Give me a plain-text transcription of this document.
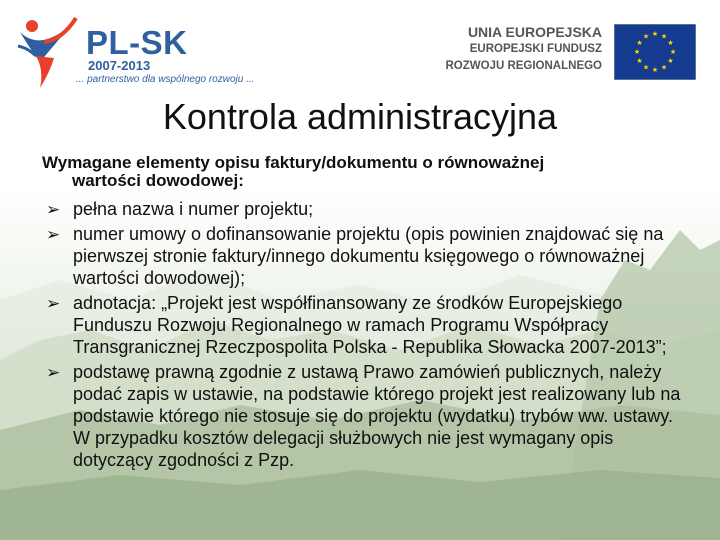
PL-SK
2007-2013
... partnerstwo dla wspólnego rozwoju ...
UNIA EUROPEJSKA
EUROPEJSKI FUNDUSZ
ROZWOJU REGIONALNEGO
★ ★
★
★
★
★
★
★
★
★
★
★
Kontrola administracyjna
Wymagane elementy opisu faktury/dokumentu o równoważnej
wartości dowodowej:
➢ pełna nazwa i numer projektu;
➢ numer umowy o dofinansowanie projektu (opis powinien znajdować się na pierwszej stronie faktury/innego dokumentu księgowego o równoważnej wartości dowodowej);
➢ adnotacja: „Projekt jest współfinansowany ze środków Europejskiego Funduszu Rozwoju Regionalnego w ramach Programu Współpracy Transgranicznej Rzeczpospolita Polska - Republika Słowacka 2007-2013”;
➢ podstawę prawną zgodnie z ustawą Prawo zamówień publicznych, należy podać zapis w ustawie, na podstawie którego projekt jest realizowany lub na podstawie którego nie stosuje się do projektu (wydatku) trybów ww. ustawy. W przypadku kosztów delegacji służbowych nie jest wymagany opis dotyczący zgodności z Pzp.
